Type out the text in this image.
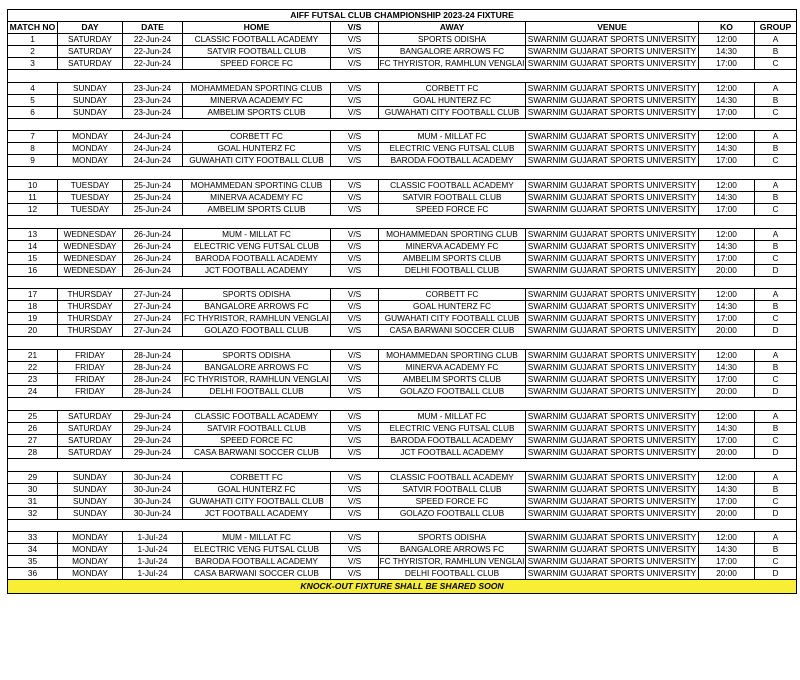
AIFF FUTSAL CLUB CHAMPIONSHIP 2023-24 FIXTURE								
MATCH NO	DAY	DATE	HOME	V/S	AWAY	VENUE	KO	GROUP
1	SATURDAY	22-Jun-24	CLASSIC FOOTBALL ACADEMY	V/S	SPORTS ODISHA	SWARNIM GUJARAT SPORTS UNIVERSITY	12:00	A
2	SATURDAY	22-Jun-24	SATVIR FOOTBALL CLUB	V/S	BANGALORE ARROWS FC	SWARNIM GUJARAT SPORTS UNIVERSITY	14:30	B
3	SATURDAY	22-Jun-24	SPEED FORCE FC	V/S	FC THYRISTOR, RAMHLUN VENGLAI	SWARNIM GUJARAT SPORTS UNIVERSITY	17:00	C

4	SUNDAY	23-Jun-24	MOHAMMEDAN SPORTING CLUB	V/S	CORBETT FC	SWARNIM GUJARAT SPORTS UNIVERSITY	12:00	A
5	SUNDAY	23-Jun-24	MINERVA ACADEMY FC	V/S	GOAL HUNTERZ FC	SWARNIM GUJARAT SPORTS UNIVERSITY	14:30	B
6	SUNDAY	23-Jun-24	AMBELIM SPORTS CLUB	V/S	GUWAHATI CITY FOOTBALL CLUB	SWARNIM GUJARAT SPORTS UNIVERSITY	17:00	C

7	MONDAY	24-Jun-24	CORBETT FC	V/S	MUM - MILLAT FC	SWARNIM GUJARAT SPORTS UNIVERSITY	12:00	A
8	MONDAY	24-Jun-24	GOAL HUNTERZ FC	V/S	ELECTRIC VENG FUTSAL CLUB	SWARNIM GUJARAT SPORTS UNIVERSITY	14:30	B
9	MONDAY	24-Jun-24	GUWAHATI CITY FOOTBALL CLUB	V/S	BARODA FOOTBALL ACADEMY	SWARNIM GUJARAT SPORTS UNIVERSITY	17:00	C

10	TUESDAY	25-Jun-24	MOHAMMEDAN SPORTING CLUB	V/S	CLASSIC FOOTBALL ACADEMY	SWARNIM GUJARAT SPORTS UNIVERSITY	12:00	A
11	TUESDAY	25-Jun-24	MINERVA ACADEMY FC	V/S	SATVIR FOOTBALL CLUB	SWARNIM GUJARAT SPORTS UNIVERSITY	14:30	B
12	TUESDAY	25-Jun-24	AMBELIM SPORTS CLUB	V/S	SPEED FORCE FC	SWARNIM GUJARAT SPORTS UNIVERSITY	17:00	C

13	WEDNESDAY	26-Jun-24	MUM - MILLAT FC	V/S	MOHAMMEDAN SPORTING CLUB	SWARNIM GUJARAT SPORTS UNIVERSITY	12:00	A
14	WEDNESDAY	26-Jun-24	ELECTRIC VENG FUTSAL CLUB	V/S	MINERVA ACADEMY FC	SWARNIM GUJARAT SPORTS UNIVERSITY	14:30	B
15	WEDNESDAY	26-Jun-24	BARODA FOOTBALL ACADEMY	V/S	AMBELIM SPORTS CLUB	SWARNIM GUJARAT SPORTS UNIVERSITY	17:00	C
16	WEDNESDAY	26-Jun-24	JCT FOOTBALL ACADEMY	V/S	DELHI FOOTBALL CLUB	SWARNIM GUJARAT SPORTS UNIVERSITY	20:00	D

17	THURSDAY	27-Jun-24	SPORTS ODISHA	V/S	CORBETT FC	SWARNIM GUJARAT SPORTS UNIVERSITY	12:00	A
18	THURSDAY	27-Jun-24	BANGALORE ARROWS FC	V/S	GOAL HUNTERZ FC	SWARNIM GUJARAT SPORTS UNIVERSITY	14:30	B
19	THURSDAY	27-Jun-24	FC THYRISTOR, RAMHLUN VENGLAI	V/S	GUWAHATI CITY FOOTBALL CLUB	SWARNIM GUJARAT SPORTS UNIVERSITY	17:00	C
20	THURSDAY	27-Jun-24	GOLAZO FOOTBALL CLUB	V/S	CASA BARWANI SOCCER CLUB	SWARNIM GUJARAT SPORTS UNIVERSITY	20:00	D

21	FRIDAY	28-Jun-24	SPORTS ODISHA	V/S	MOHAMMEDAN SPORTING CLUB	SWARNIM GUJARAT SPORTS UNIVERSITY	12:00	A
22	FRIDAY	28-Jun-24	BANGALORE ARROWS FC	V/S	MINERVA ACADEMY FC	SWARNIM GUJARAT SPORTS UNIVERSITY	14:30	B
23	FRIDAY	28-Jun-24	FC THYRISTOR, RAMHLUN VENGLAI	V/S	AMBELIM SPORTS CLUB	SWARNIM GUJARAT SPORTS UNIVERSITY	17:00	C
24	FRIDAY	28-Jun-24	DELHI FOOTBALL CLUB	V/S	GOLAZO FOOTBALL CLUB	SWARNIM GUJARAT SPORTS UNIVERSITY	20:00	D

25	SATURDAY	29-Jun-24	CLASSIC FOOTBALL ACADEMY	V/S	MUM - MILLAT FC	SWARNIM GUJARAT SPORTS UNIVERSITY	12:00	A
26	SATURDAY	29-Jun-24	SATVIR FOOTBALL CLUB	V/S	ELECTRIC VENG FUTSAL CLUB	SWARNIM GUJARAT SPORTS UNIVERSITY	14:30	B
27	SATURDAY	29-Jun-24	SPEED FORCE FC	V/S	BARODA FOOTBALL ACADEMY	SWARNIM GUJARAT SPORTS UNIVERSITY	17:00	C
28	SATURDAY	29-Jun-24	CASA BARWANI SOCCER CLUB	V/S	JCT FOOTBALL ACADEMY	SWARNIM GUJARAT SPORTS UNIVERSITY	20:00	D

29	SUNDAY	30-Jun-24	CORBETT FC	V/S	CLASSIC FOOTBALL ACADEMY	SWARNIM GUJARAT SPORTS UNIVERSITY	12:00	A
30	SUNDAY	30-Jun-24	GOAL HUNTERZ FC	V/S	SATVIR FOOTBALL CLUB	SWARNIM GUJARAT SPORTS UNIVERSITY	14:30	B
31	SUNDAY	30-Jun-24	GUWAHATI CITY FOOTBALL CLUB	V/S	SPEED FORCE FC	SWARNIM GUJARAT SPORTS UNIVERSITY	17:00	C
32	SUNDAY	30-Jun-24	JCT FOOTBALL ACADEMY	V/S	GOLAZO FOOTBALL CLUB	SWARNIM GUJARAT SPORTS UNIVERSITY	20:00	D

33	MONDAY	1-Jul-24	MUM - MILLAT FC	V/S	SPORTS ODISHA	SWARNIM GUJARAT SPORTS UNIVERSITY	12:00	A
34	MONDAY	1-Jul-24	ELECTRIC VENG FUTSAL CLUB	V/S	BANGALORE ARROWS FC	SWARNIM GUJARAT SPORTS UNIVERSITY	14:30	B
35	MONDAY	1-Jul-24	BARODA FOOTBALL ACADEMY	V/S	FC THYRISTOR, RAMHLUN VENGLAI	SWARNIM GUJARAT SPORTS UNIVERSITY	17:00	C
36	MONDAY	1-Jul-24	CASA BARWANI SOCCER CLUB	V/S	DELHI FOOTBALL CLUB	SWARNIM GUJARAT SPORTS UNIVERSITY	20:00	D
KNOCK-OUT FIXTURE SHALL BE SHARED SOON								
